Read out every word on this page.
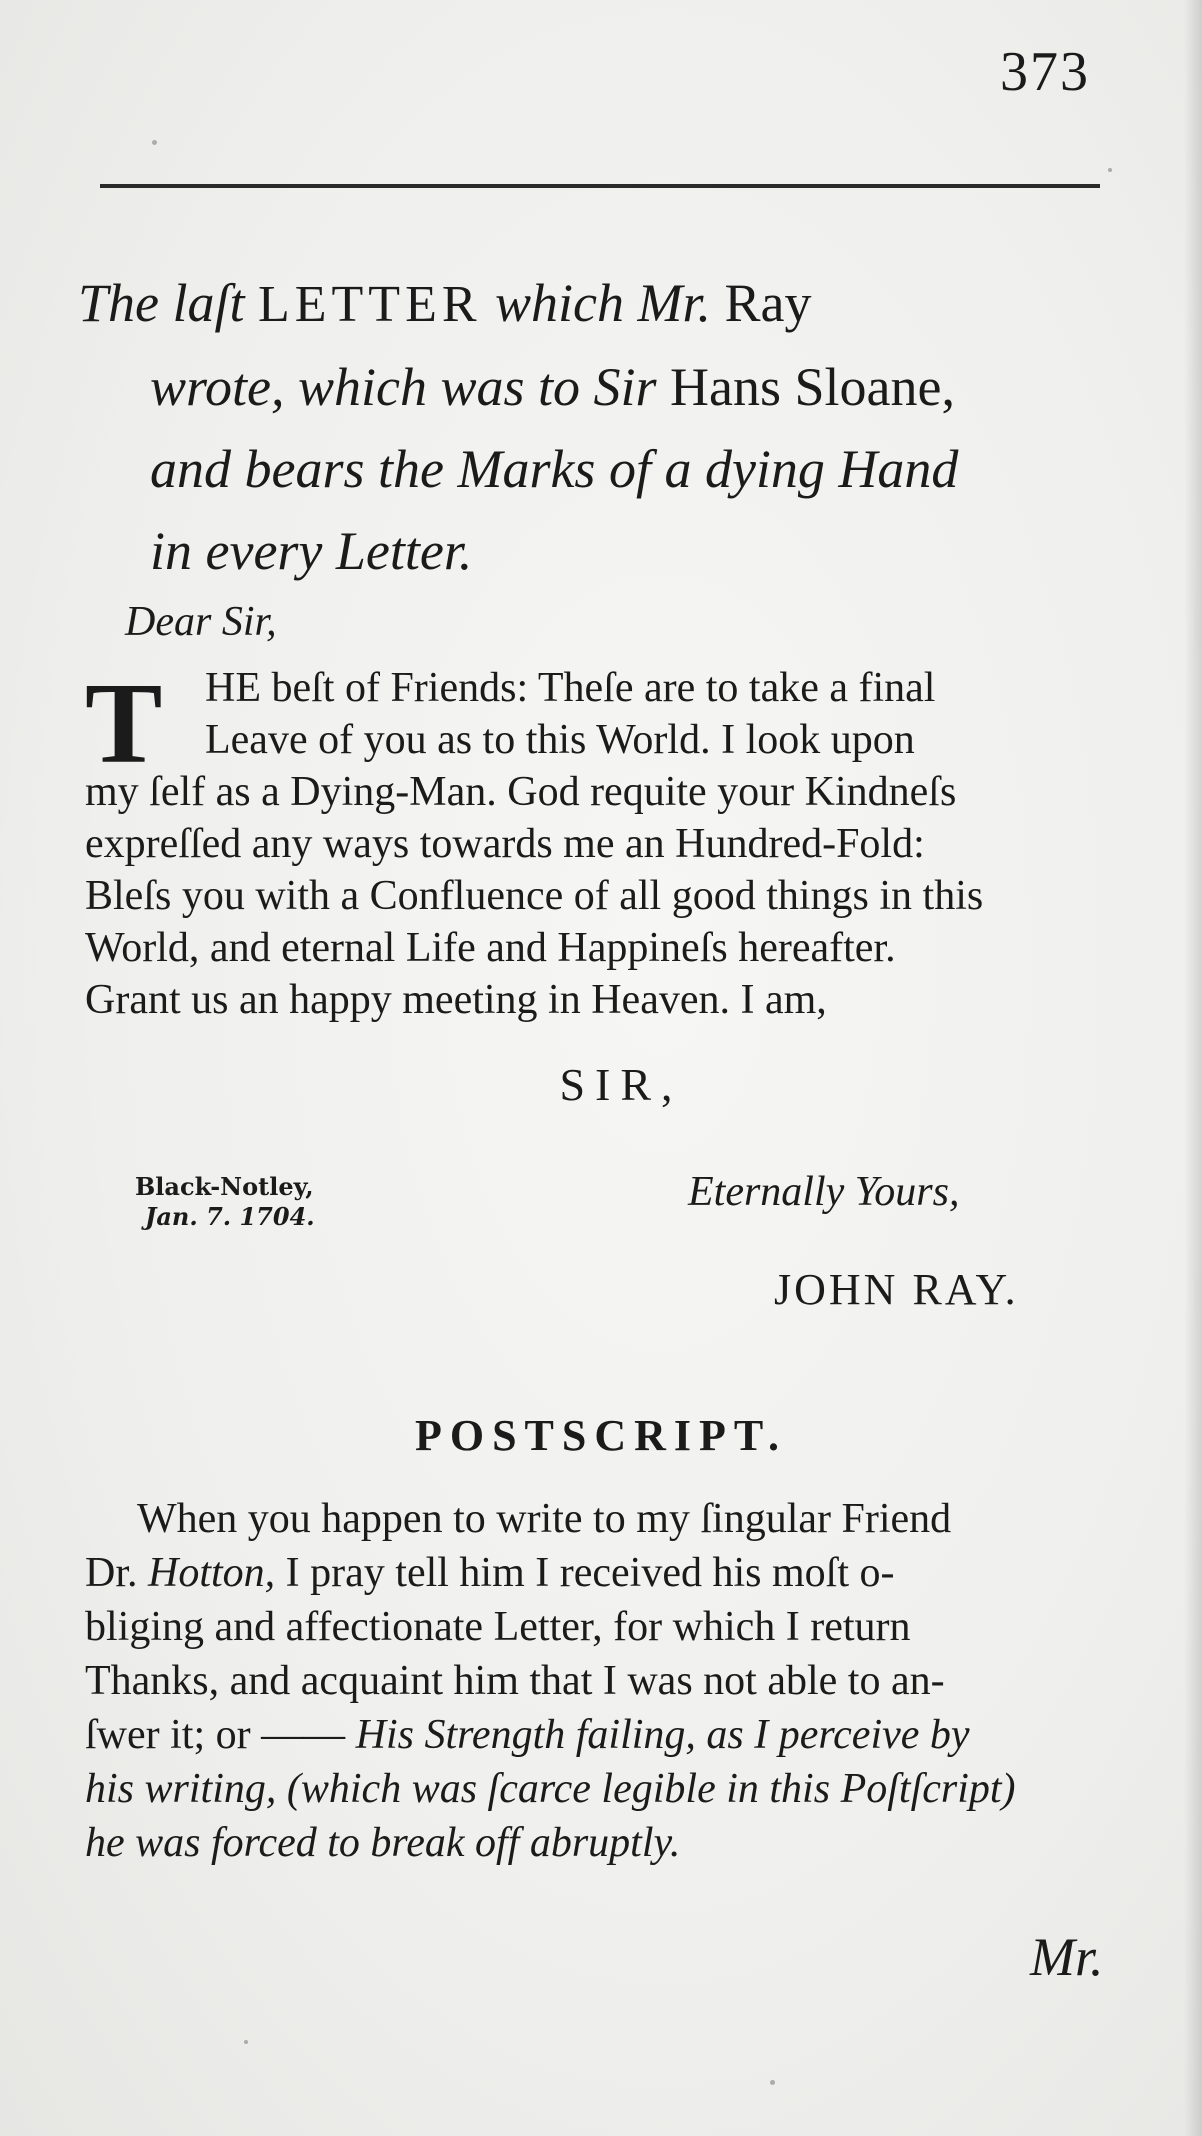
373
The laſt LETTER which Mr. Ray
wrote, which was to Sir Hans Sloane,
and bears the Marks of a dying Hand
in every Letter.
Dear Sir,
T	HE beſt of Friends: Theſe are to take a final
Leave of you as to this World. I look upon
my ſelf as a Dying-Man. God requite your Kindneſs
expreſſed any ways towards me an Hundred-Fold:
Bleſs you with a Confluence of all good things in this
World, and eternal Life and Happineſs hereafter.
Grant us an happy meeting in Heaven. I am,
SIR,
Black-Notley,
Jan. 7. 1704.
Eternally Yours,
JOHN RAY.
POSTSCRIPT.
When you happen to write to my ſingular Friend
Dr. Hotton, I pray tell him I received his moſt o-
bliging and affectionate Letter, for which I return
Thanks, and acquaint him that I was not able to an-
ſwer it; or —— His Strength failing, as I perceive by
his writing, (which was ſcarce legible in this Poſtſcript)
he was forced to break off abruptly.
Mr.
